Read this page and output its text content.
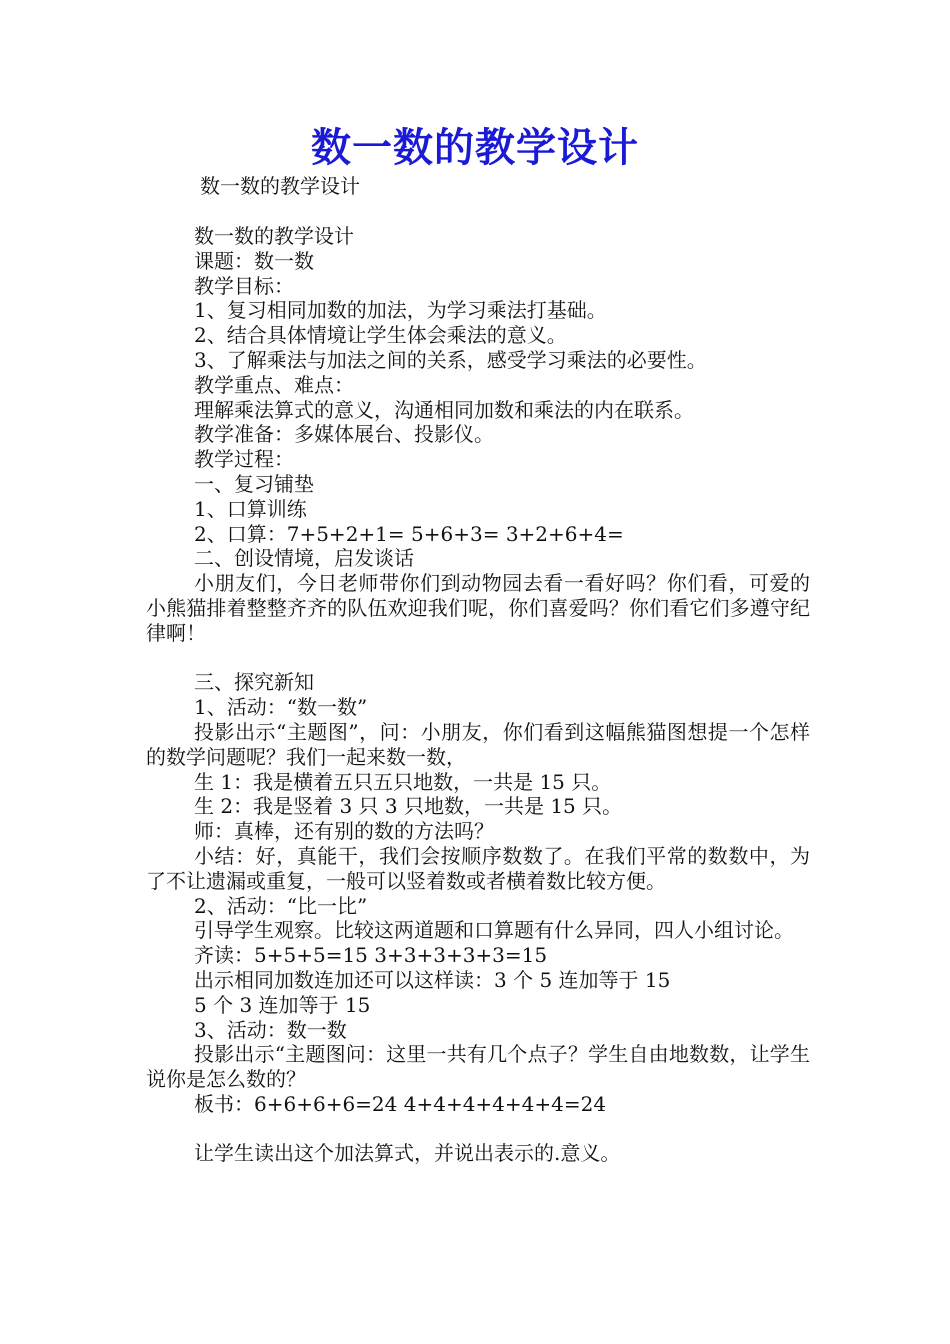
数一数的教学设计
数一数的教学设计

数一数的教学设计

课题：数一数

教学目标：

1、复习相同加数的加法，为学习乘法打基础。

2、结合具体情境让学生体会乘法的意义。

3、了解乘法与加法之间的关系，感受学习乘法的必要性。

教学重点、难点：

理解乘法算式的意义，沟通相同加数和乘法的内在联系。

教学准备：多媒体展台、投影仪。

教学过程：

一、复习铺垫

1、口算训练

2、口算：7+5+2+1= 5+6+3= 3+2+6+4=

二、创设情境，启发谈话

小朋友们，今日老师带你们到动物园去看一看好吗？你们看，可爱的小熊猫排着整整齐齐的队伍欢迎我们呢，你们喜爱吗？你们看它们多遵守纪律啊！

三、探究新知

1、活动：“数一数”

投影出示“主题图”，问：小朋友，你们看到这幅熊猫图想提一个怎样的数学问题呢？我们一起来数一数，

生 1：我是横着五只五只地数，一共是 15 只。

生 2：我是竖着 3 只 3 只地数，一共是 15 只。

师：真棒，还有别的数的方法吗？

小结：好，真能干，我们会按顺序数数了。在我们平常的数数中，为了不让遗漏或重复，一般可以竖着数或者横着数比较方便。

2、活动：“比一比”

引导学生观察。比较这两道题和口算题有什么异同，四人小组讨论。

齐读：5+5+5=15 3+3+3+3+3=15

出示相同加数连加还可以这样读：3 个 5 连加等于 15

5 个 3 连加等于 15

3、活动：数一数

投影出示“主题图问：这里一共有几个点子？学生自由地数数，让学生说你是怎么数的？

板书：6+6+6+6=24 4+4+4+4+4+4=24

让学生读出这个加法算式，并说出表示的.意义。
